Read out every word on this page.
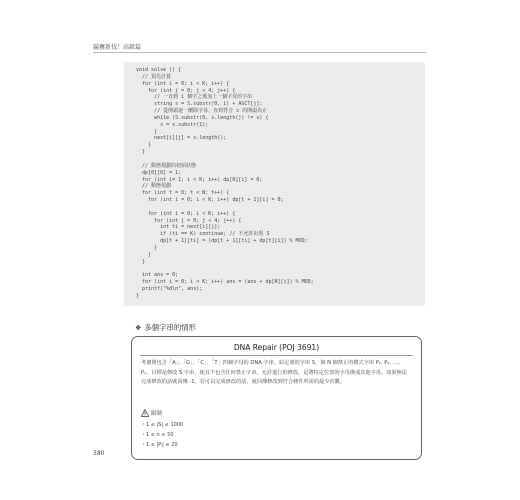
競賽新技！高級篇
void solve () {
// 預先計算
for (int i = 0; i < K; i++) {
for (int j = 0; j < 4; j++) {
// 一直到 i 個字之後加上一個字母的字串
string s = S.substr(0, i) + AGCT[j];
// 從開頭逐一刪除字母，直到符合 s 的開頭為止
while (S.substr(0, s.length()) != s) {
s = s.substr(1);
}
next[i][j] = s.length();
}
}

// 動態規劃的初始狀態
dp[0][0] = 1;
for (int i= 1; i < K; i++) dp[0][i] = 0;
// 動態規劃
for (int t = 0; t < N; t++) {
for (int i = 0; i < K; i++) dp[t + 1][i] = 0;

for (int i = 0; i < K; i++) {
for (int j = 0; j < 4; j++) {
int ti = next[i][j];
if (ti == K) continue; // 不允許出現 S
dp[t + 1][ti] = (dp[t + 1][ti] + dp[t][i]) % MOD;
}
}
}

int ans = 0;
for (int i = 0; i < K; i++) ans = (ans + dp[N][i]) % MOD;
printf("%d\n", ans);
}
❖ 多個字串的情形
DNA Repair (POJ 3691)
考慮僅包含「A」、「G」、「C」、「T」四個字母的 DNA 字串。給定壞的字串 S，與 N 個禁止的模式字串 P₁, P₂, …, Pₙ。目標是修改 S 字串，使其不包含任何禁止字串。允許進行的修改，是將特定位置的字母換成其他字母。如果無法完成修改的話就回傳 -1，若可以完成修改的話，就回傳修改到符合條件所需的最少次數。
限制
・1 ≤ |S| ≤ 1000
・1 ≤ n ≤ 50
・1 ≤ |Pᵢ| ≤ 20
380
